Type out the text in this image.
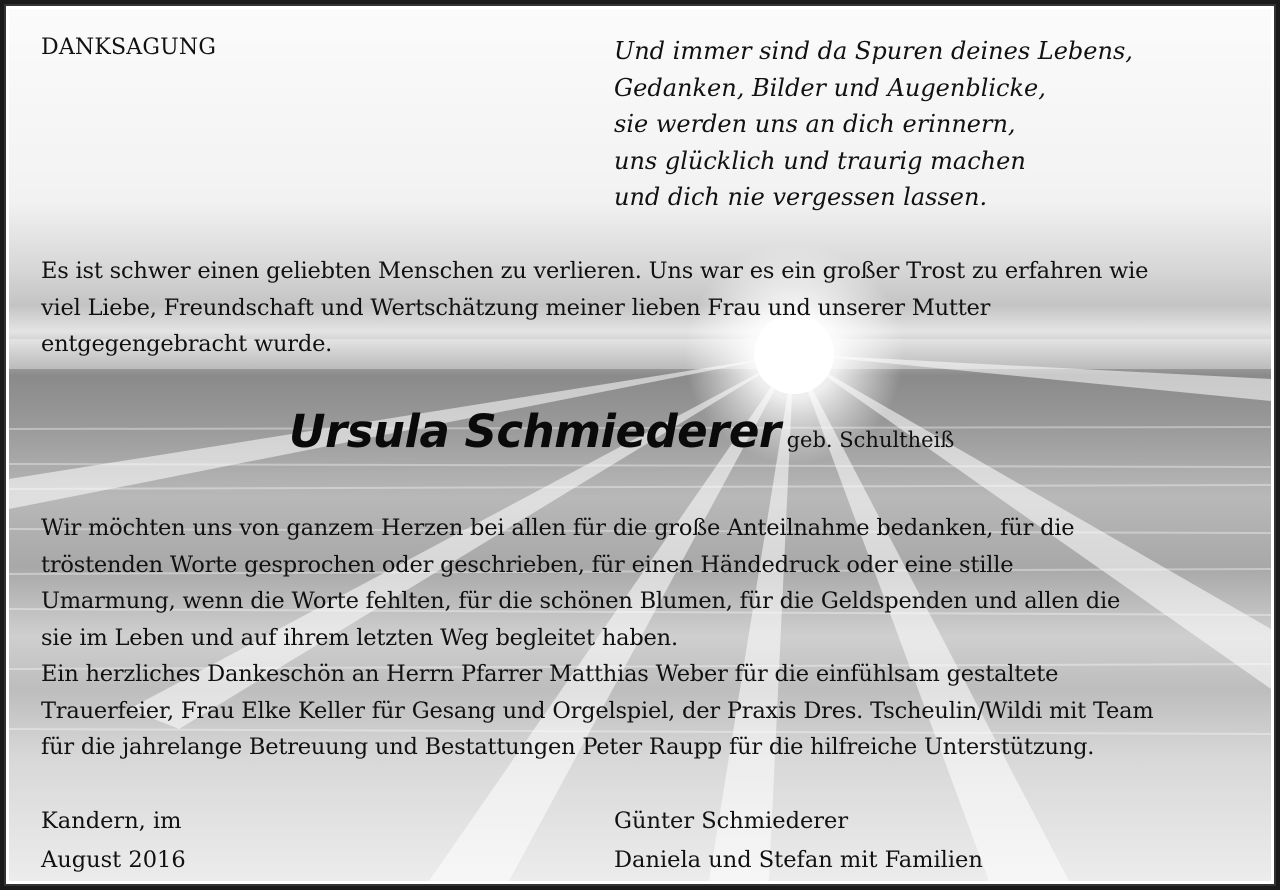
DANKSAGUNG	Und immer sind da Spuren deines Lebens,
Gedanken, Bilder und Augenblicke,
sie werden uns an dich erinnern,
uns glücklich und traurig machen
und dich nie vergessen lassen.
Es ist schwer einen geliebten Menschen zu verlieren. Uns war es ein großer Trost zu erfahren wie
viel Liebe, Freundschaft und Wertschätzung meiner lieben Frau und unserer Mutter
entgegengebracht wurde.
Ursula Schmiederer geb. Schultheiß
Wir möchten uns von ganzem Herzen bei allen für die große Anteilnahme bedanken, für die
tröstenden Worte gesprochen oder geschrieben, für einen Händedruck oder eine stille
Umarmung, wenn die Worte fehlten, für die schönen Blumen, für die Geldspenden und allen die
sie im Leben und auf ihrem letzten Weg begleitet haben.
Ein herzliches Dankeschön an Herrn Pfarrer Matthias Weber für die einfühlsam gestaltete
Trauerfeier, Frau Elke Keller für Gesang und Orgelspiel, der Praxis Dres. Tscheulin/Wildi mit Team
für die jahrelange Betreuung und Bestattungen Peter Raupp für die hilfreiche Unterstützung.
Kandern, im
August 2016
Günter Schmiederer
Daniela und Stefan mit Familien
